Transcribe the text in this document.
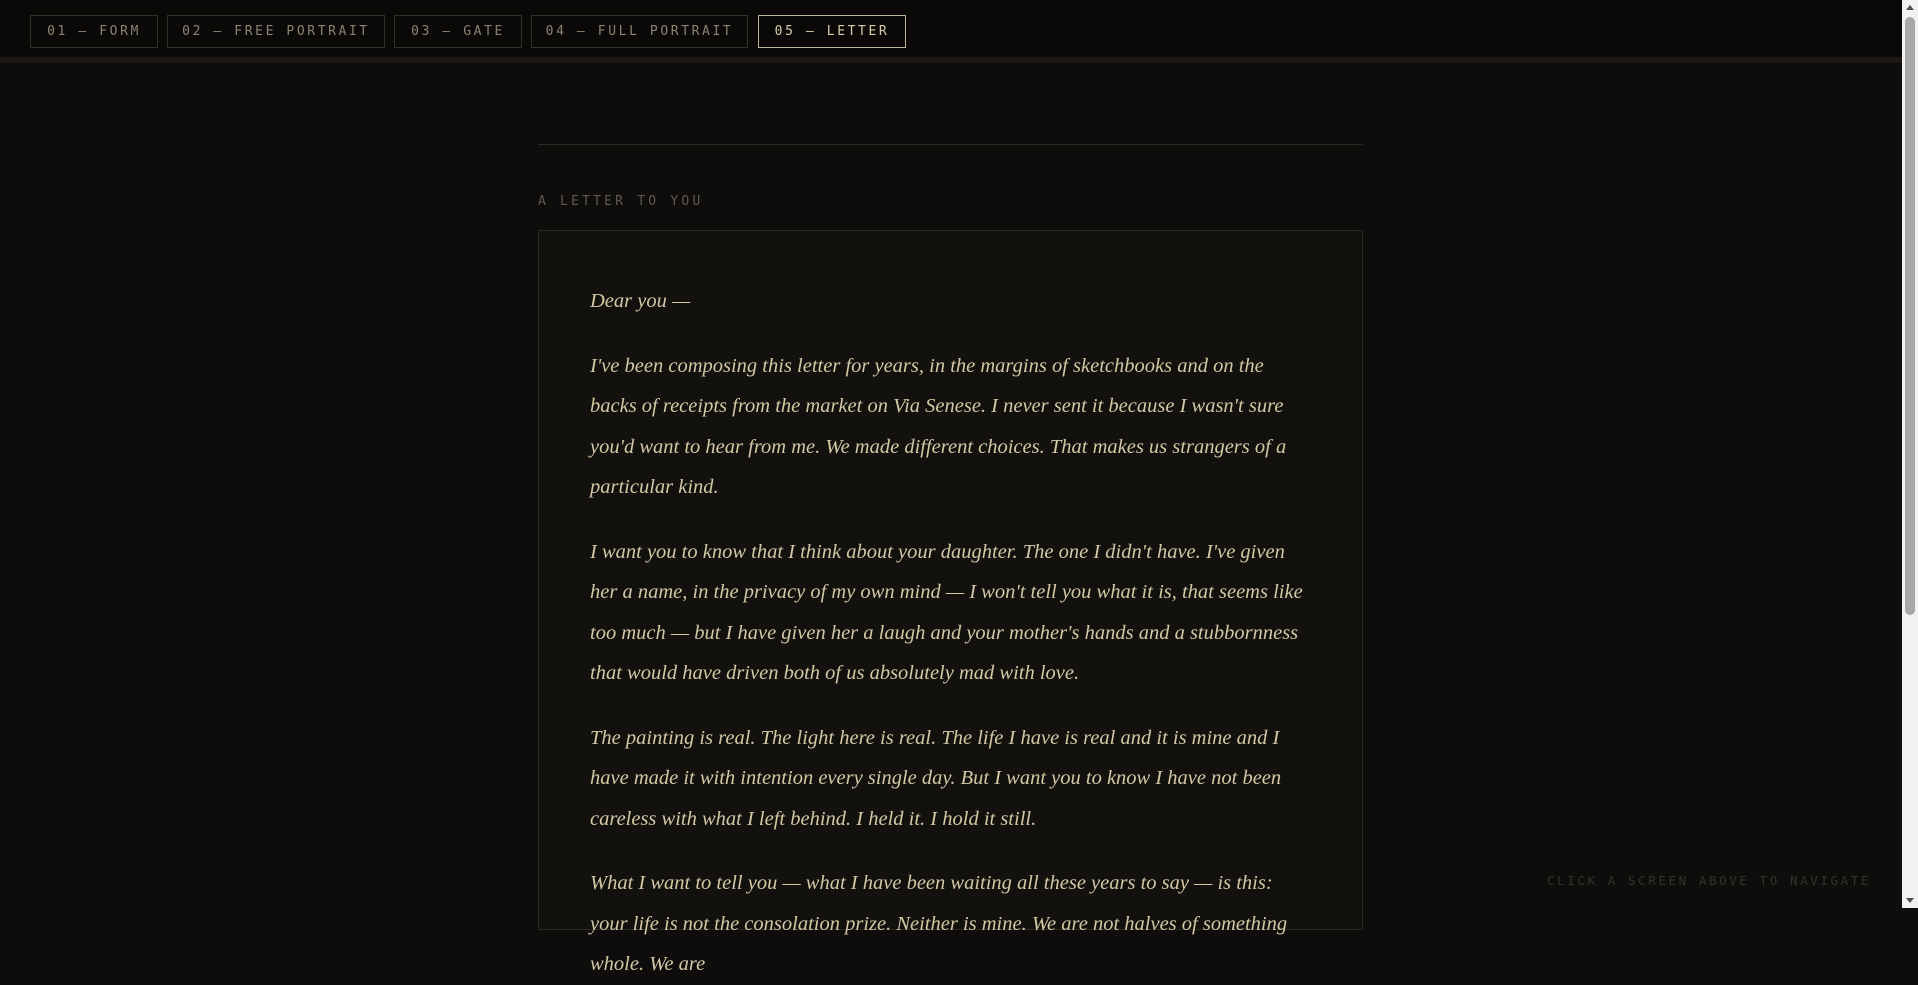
01 — FORM	02 — FREE PORTRAIT	03 — GATE	04 — FULL PORTRAIT	05 — LETTER
A LETTER TO YOU

Dear you —

I've been composing this letter for years, in the margins of sketchbooks and on the backs of receipts from the market on Via Senese. I never sent it because I wasn't sure you'd want to hear from me. We made different choices. That makes us strangers of a particular kind.

I want you to know that I think about your daughter. The one I didn't have. I've given her a name, in the privacy of my own mind — I won't tell you what it is, that seems like too much — but I have given her a laugh and your mother's hands and a stubbornness that would have driven both of us absolutely mad with love.

The painting is real. The light here is real. The life I have is real and it is mine and I have made it with intention every single day. But I want you to know I have not been careless with what I left behind. I held it. I hold it still.

What I want to tell you — what I have been waiting all these years to say — is this: your life is not the consolation prize. Neither is mine. We are not halves of something whole. We are

CLICK A SCREEN ABOVE TO NAVIGATE
